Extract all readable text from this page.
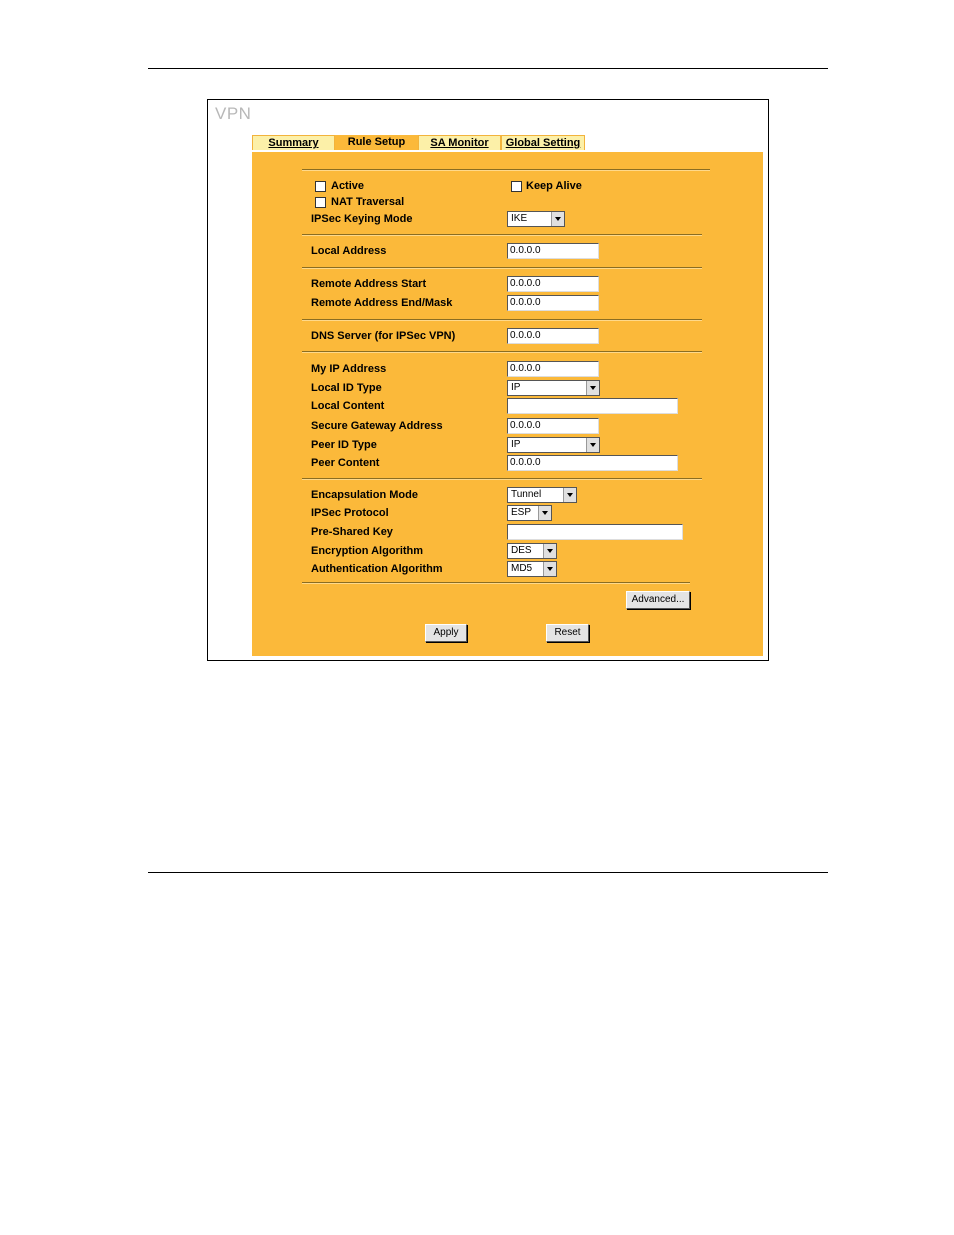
VPN
Summary	Rule Setup	SA Monitor	Global Setting
Active	Keep Alive
NAT Traversal
IPSec Keying Mode	IKE
Local Address	0.0.0.0
Remote Address Start	0.0.0.0
Remote Address End/Mask	0.0.0.0
DNS Server (for IPSec VPN)	0.0.0.0
My IP Address	0.0.0.0
Local ID Type	IP
Local Content
Secure Gateway Address	0.0.0.0
Peer ID Type	IP
Peer Content	0.0.0.0
Encapsulation Mode	Tunnel
IPSec Protocol	ESP
Pre-Shared Key
Encryption Algorithm	DES
Authentication Algorithm	MD5
Advanced...
Apply	Reset
